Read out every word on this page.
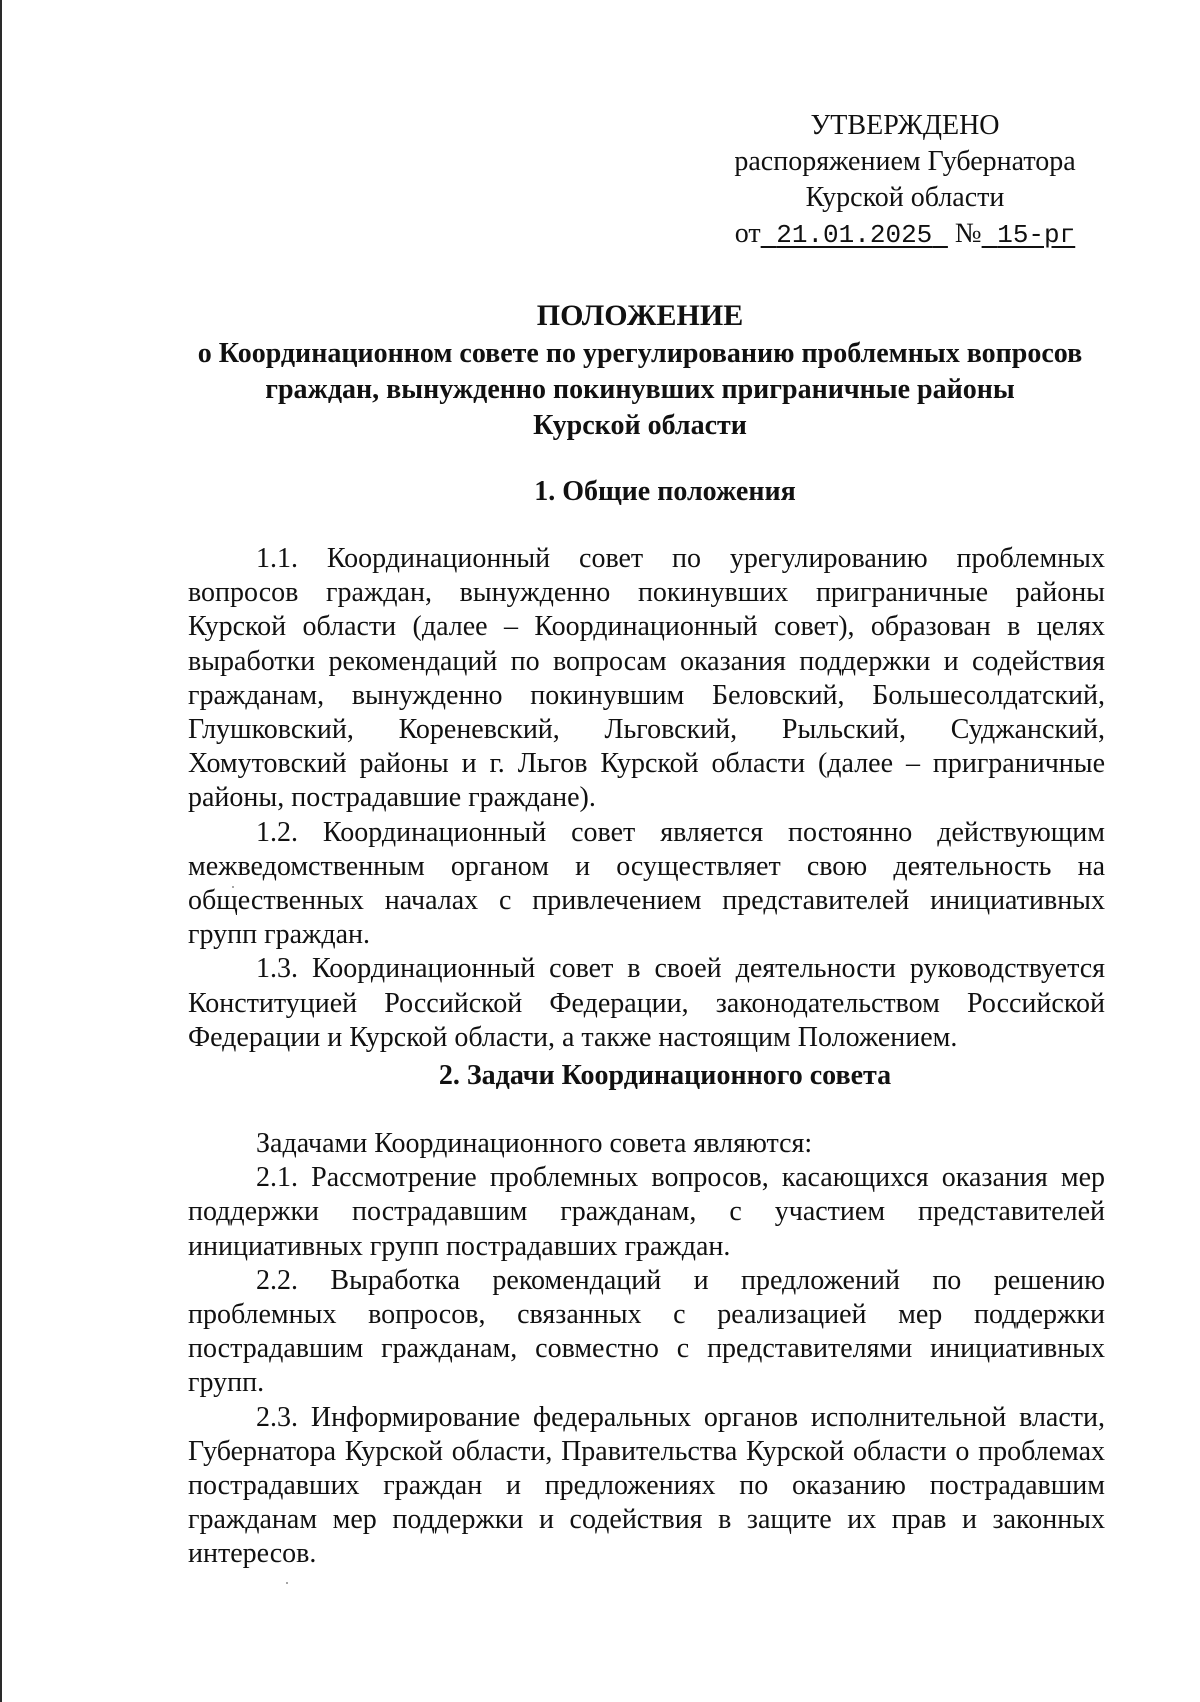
УТВЕРЖДЕНО
распоряжением Губернатора
Курской области
от 21.01.2025 № 15-рг
ПОЛОЖЕНИЕ
о Координационном совете по урегулированию проблемных вопросов
граждан, вынужденно покинувших приграничные районы
Курской области
1. Общие положения

1.1. Координационный совет по урегулированию проблемных вопросов граждан, вынужденно покинувших приграничные районы Курской области (далее – Координационный совет), образован в целях выработки рекомендаций по вопросам оказания поддержки и содействия гражданам, вынужденно покинувшим Беловский, Большесолдатский, Глушковский, Кореневский, Льговский, Рыльский, Суджанский, Хомутовский районы и г. Льгов Курской области (далее – приграничные районы, пострадавшие граждане).

1.2. Координационный совет является постоянно действующим межведомственным органом и осуществляет свою деятельность на общественных началах с привлечением представителей инициативных групп граждан.

1.3. Координационный совет в своей деятельности руководствуется Конституцией Российской Федерации, законодательством Российской Федерации и Курской области, а также настоящим Положением.

2. Задачи Координационного совета

Задачами Координационного совета являются:

2.1. Рассмотрение проблемных вопросов, касающихся оказания мер поддержки пострадавшим гражданам, с участием представителей инициативных групп пострадавших граждан.

2.2. Выработка рекомендаций и предложений по решению проблемных вопросов, связанных с реализацией мер поддержки пострадавшим гражданам, совместно с представителями инициативных групп.

2.3. Информирование федеральных органов исполнительной власти, Губернатора Курской области, Правительства Курской области о проблемах пострадавших граждан и предложениях по оказанию пострадавшим гражданам мер поддержки и содействия в защите их прав и законных интересов.
